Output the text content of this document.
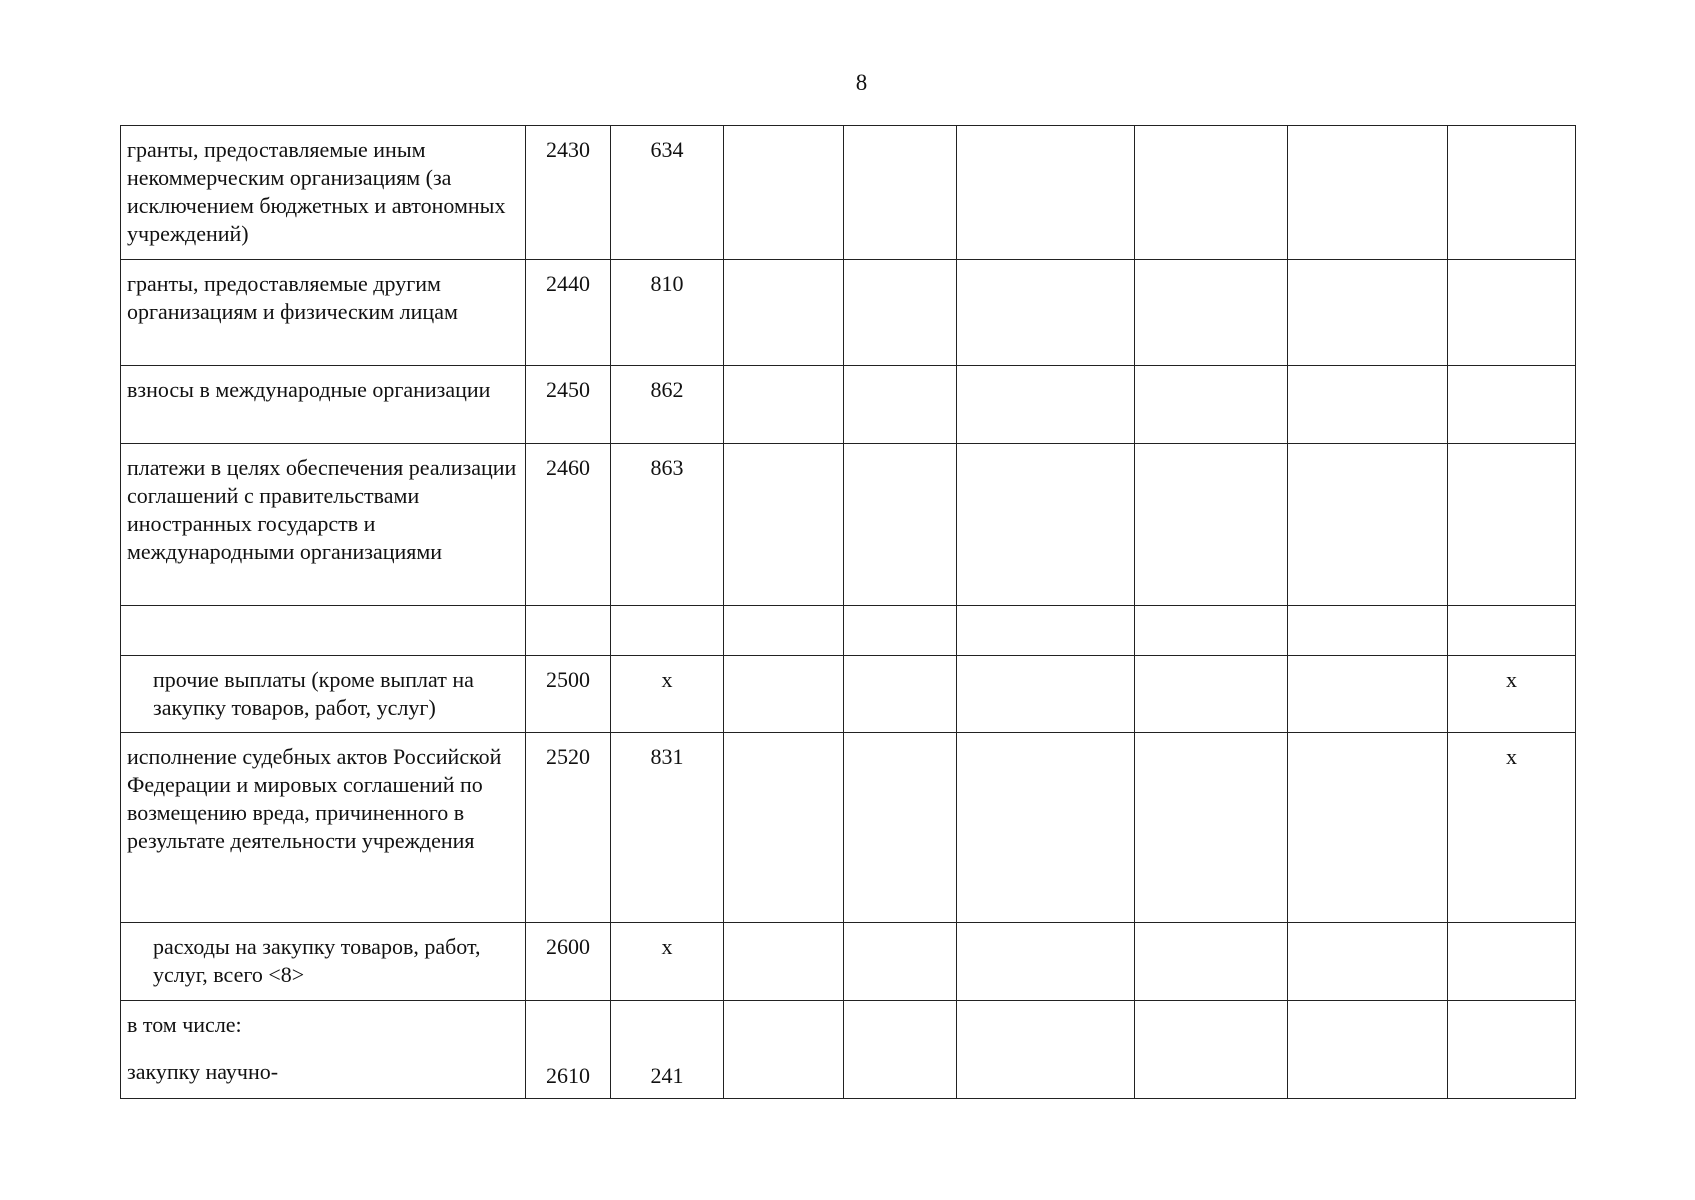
8
гранты, предоставляемые иным некоммерческим организациям (за исключением бюджетных и автономных учреждений)	2430	634						
гранты, предоставляемые другим организациям и физическим лицам	2440	810						
взносы в международные организации	2450	862						
платежи в целях обеспечения реализации соглашений с правительствами иностранных государств и международными организациями	2460	863						

прочие выплаты (кроме выплат на закупку товаров, работ, услуг)	2500	x						x
исполнение судебных актов Российской Федерации и мировых соглашений по возмещению вреда, причиненного в результате деятельности учреждения	2520	831						x
расходы на закупку товаров, работ, услуг, всего <8>	2600	x						

в том числе:
закупку научно-	2610	241						
